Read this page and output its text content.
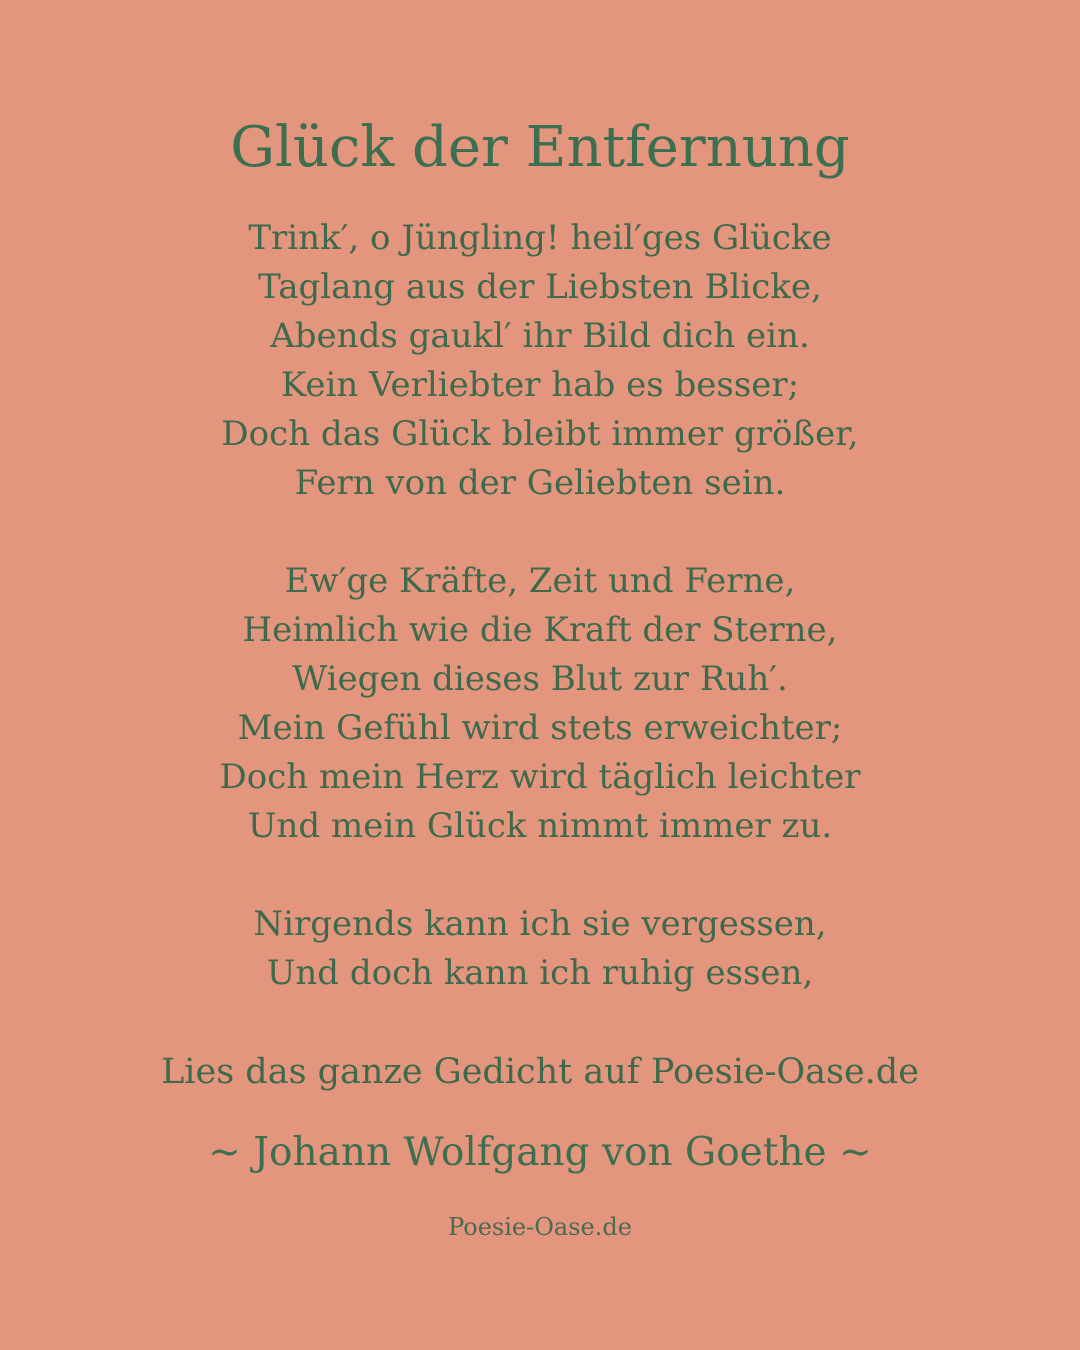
Glück der Entfernung
Trink′, o Jüngling! heil′ges Glücke
Taglang aus der Liebsten Blicke,
Abends gaukl′ ihr Bild dich ein.
Kein Verliebter hab es besser;
Doch das Glück bleibt immer größer,
Fern von der Geliebten sein.
Ew′ge Kräfte, Zeit und Ferne,
Heimlich wie die Kraft der Sterne,
Wiegen dieses Blut zur Ruh′.
Mein Gefühl wird stets erweichter;
Doch mein Herz wird täglich leichter
Und mein Glück nimmt immer zu.
Nirgends kann ich sie vergessen,
Und doch kann ich ruhig essen,
Lies das ganze Gedicht auf Poesie-Oase.de
~ Johann Wolfgang von Goethe ~
Poesie-Oase.de
